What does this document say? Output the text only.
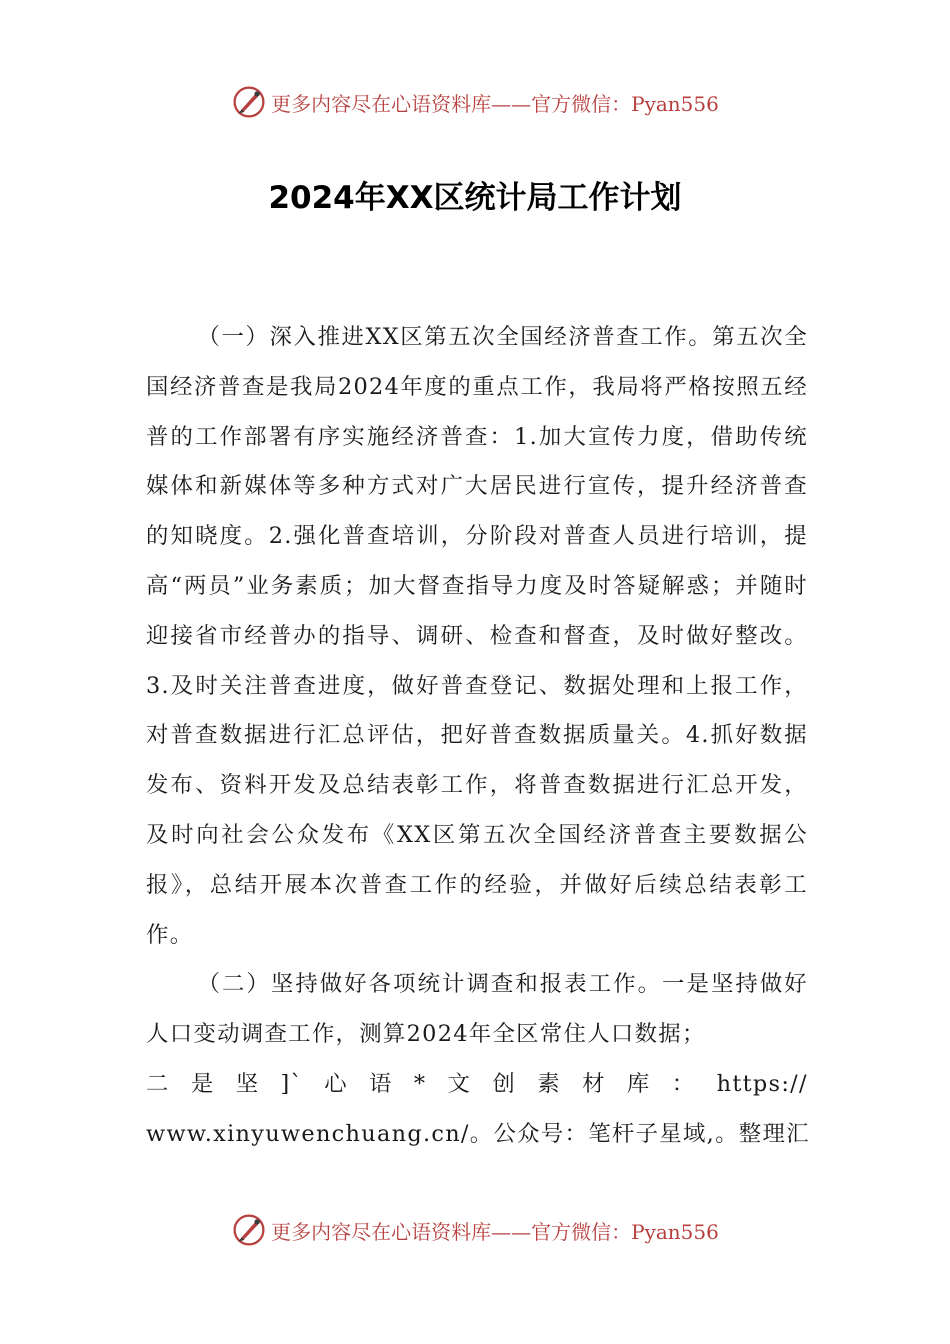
更多内容尽在心语资料库——官方微信：Pyan556
2024年XX区统计局工作计划

（一）深入推进XX区第五次全国经济普查工作。第五次全国经济普查是我局2024年度的重点工作，我局将严格按照五经普的工作部署有序实施经济普查：1.加大宣传力度，借助传统媒体和新媒体等多种方式对广大居民进行宣传，提升经济普查的知晓度。2.强化普查培训，分阶段对普查人员进行培训，提高“两员”业务素质；加大督查指导力度及时答疑解惑；并随时迎接省市经普办的指导、调研、检查和督查，及时做好整改。3.及时关注普查进度，做好普查登记、数据处理和上报工作，对普查数据进行汇总评估，把好普查数据质量关。4.抓好数据发布、资料开发及总结表彰工作，将普查数据进行汇总开发，及时向社会公众发布《XX区第五次全国经济普查主要数据公报》，总结开展本次普查工作的经验，并做好后续总结表彰工作。

（二）坚持做好各项统计调查和报表工作。一是坚持做好人口变动调查工作，测算2024年全区常住人口数据；

二 是 坚 ]` 心 语 * 文 创 素 材 库 ： https://
www.xinyuwenchuang.cn/。公众号：笔杆子星域,。整理汇
更多内容尽在心语资料库——官方微信：Pyan556
